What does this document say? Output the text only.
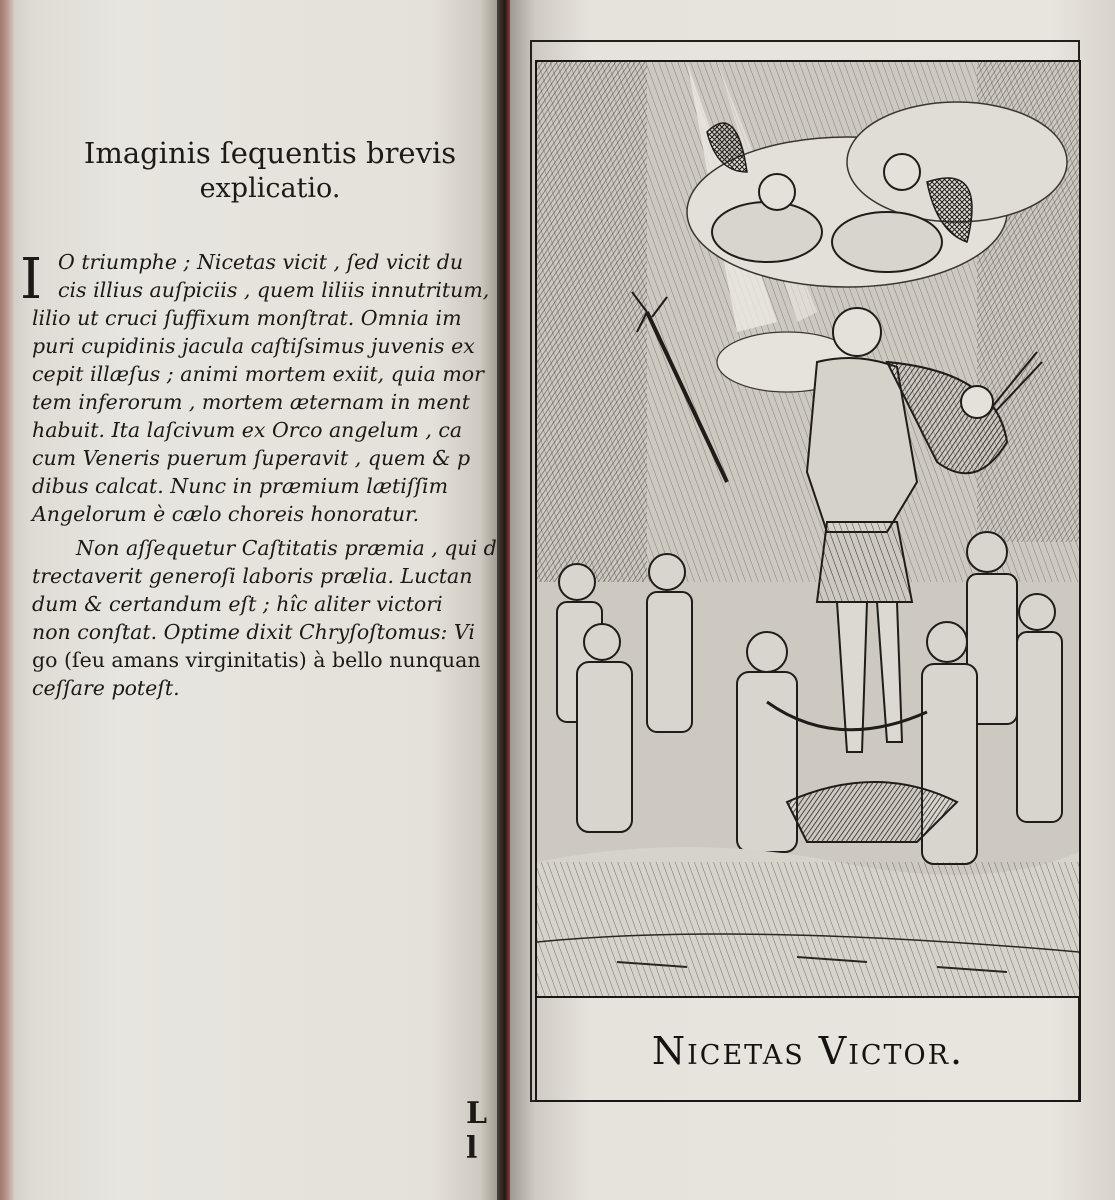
Imaginis ſequentis brevis
explicatio.
I O triumphe ; Nicetas vicit , ſed vicit du
cis illius auſpiciis , quem liliis innutritum,
lilio ut cruci ſuffixum monſtrat. Omnia im
puri cupidinis jacula caſtiſsimus juvenis ex
cepit illæſus ; animi mortem exiit, quia mor
tem inferorum , mortem æternam in ment
habuit. Ita laſcivum ex Orco angelum , ca
cum Veneris puerum ſuperavit , quem & p
dibus calcat. Nunc in præmium lætiſſim
Angelorum è cælo choreis honoratur.
Non aſſequetur Caſtitatis præmia , qui d
trectaverit generoſi laboris prælia. Luctan
dum & certandum eſt ; hîc aliter victori
non conſtat. Optime dixit Chryſoſtomus: Vi
go (ſeu amans virginitatis) à bello nunquan
ceſſare poteſt.
L l
Nicetas Victor.
